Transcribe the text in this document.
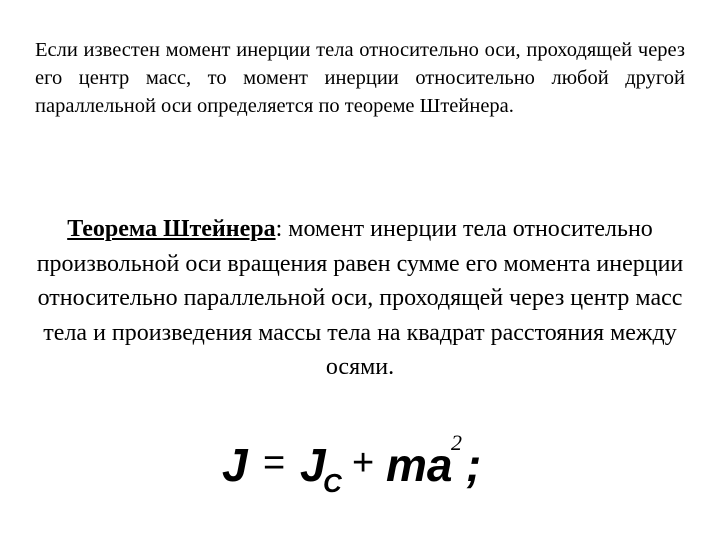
Если известен момент инерции тела относительно оси, проходящей через его центр масс, то момент инерции относительно любой другой параллельной оси определяется по теореме Штейнера.
Теорема Штейнера: момент инерции тела относительно произвольной оси вращения равен сумме его момента инерции относительно параллельной оси, проходящей через центр масс тела и произведения массы тела на квадрат расстояния между осями.
J = J
C + ma
2 ;
